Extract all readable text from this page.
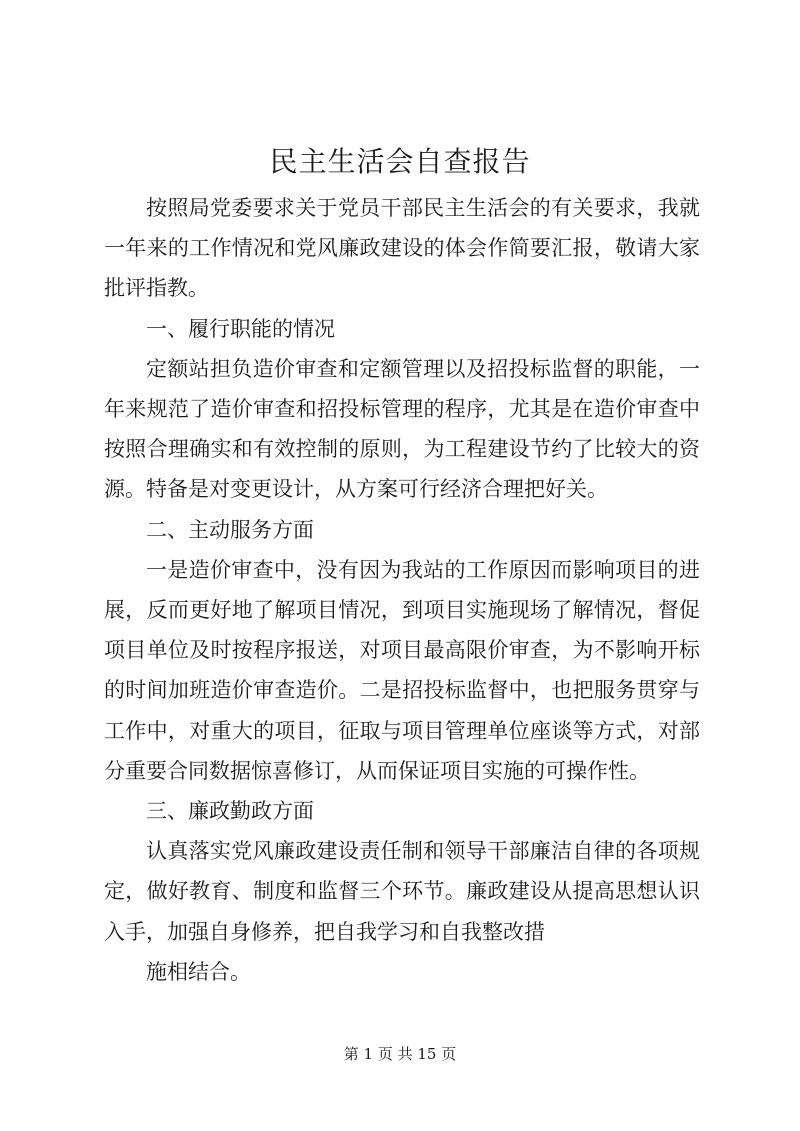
民主生活会自查报告

按照局党委要求关于党员干部民主生活会的有关要求，我就一年来的工作情况和党风廉政建设的体会作简要汇报，敬请大家批评指教。

一、履行职能的情况

定额站担负造价审查和定额管理以及招投标监督的职能，一年来规范了造价审查和招投标管理的程序，尤其是在造价审查中按照合理确实和有效控制的原则，为工程建设节约了比较大的资源。特备是对变更设计，从方案可行经济合理把好关。

二、主动服务方面

一是造价审查中，没有因为我站的工作原因而影响项目的进展，反而更好地了解项目情况，到项目实施现场了解情况，督促项目单位及时按程序报送，对项目最高限价审查，为不影响开标的时间加班造价审查造价。二是招投标监督中，也把服务贯穿与工作中，对重大的项目，征取与项目管理单位座谈等方式，对部分重要合同数据惊喜修订，从而保证项目实施的可操作性。

三、廉政勤政方面

认真落实党风廉政建设责任制和领导干部廉洁自律的各项规定，做好教育、制度和监督三个环节。廉政建设从提高思想认识入手，加强自身修养，把自我学习和自我整改措

施相结合。

第 1 页 共 15 页
